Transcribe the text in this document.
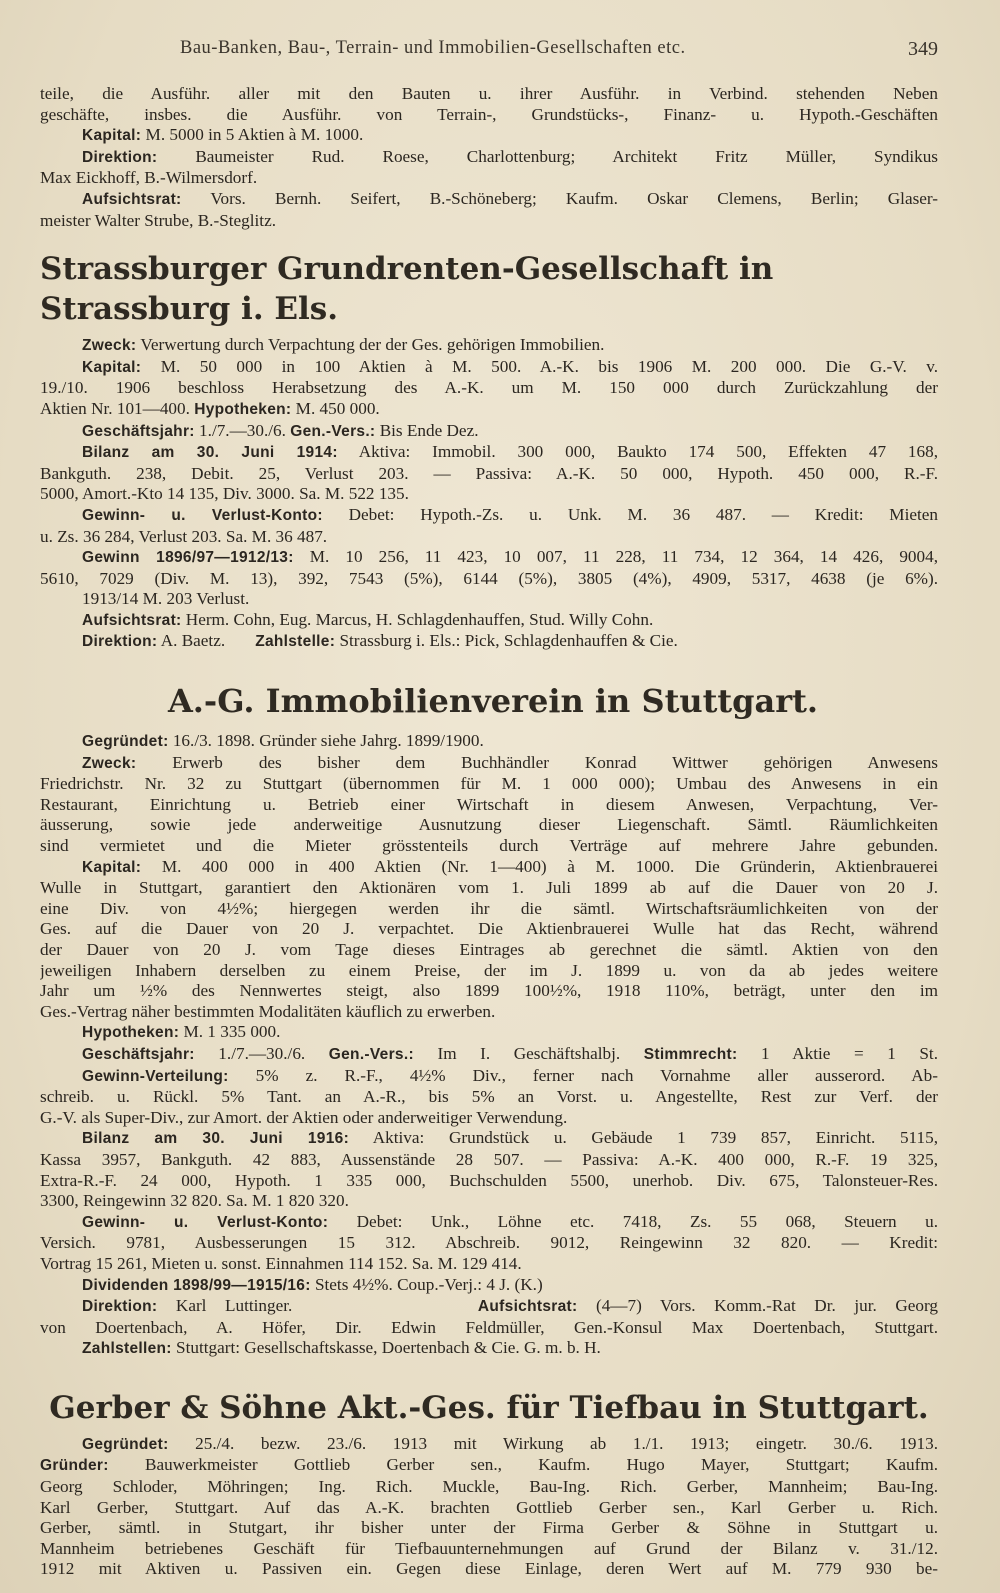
Bau-Banken, Bau-, Terrain- und Immobilien-Gesellschaften etc.	349

teile, die Ausführ. aller mit den Bauten u. ihrer Ausführ. in Verbind. stehenden Neben

geschäfte, insbes. die Ausführ. von Terrain-, Grundstücks-, Finanz- u. Hypoth.-Geschäften

Kapital: M. 5000 in 5 Aktien à M. 1000.

Direktion: Baumeister Rud. Roese, Charlottenburg; Architekt Fritz Müller, Syndikus

Max Eickhoff, B.-Wilmersdorf.

Aufsichtsrat: Vors. Bernh. Seifert, B.-Schöneberg; Kaufm. Oskar Clemens, Berlin; Glaser-

meister Walter Strube, B.-Steglitz.

Strassburger Grundrenten-Gesellschaft in Strassburg i. Els.

Zweck: Verwertung durch Verpachtung der der Ges. gehörigen Immobilien.

Kapital: M. 50 000 in 100 Aktien à M. 500. A.-K. bis 1906 M. 200 000. Die G.-V. v.

19./10. 1906 beschloss Herabsetzung des A.-K. um M. 150 000 durch Zurückzahlung der

Aktien Nr. 101—400. Hypotheken: M. 450 000.

Geschäftsjahr: 1./7.—30./6. Gen.-Vers.: Bis Ende Dez.

Bilanz am 30. Juni 1914: Aktiva: Immobil. 300 000, Baukto 174 500, Effekten 47 168,

Bankguth. 238, Debit. 25, Verlust 203. — Passiva: A.-K. 50 000, Hypoth. 450 000, R.-F.

5000, Amort.-Kto 14 135, Div. 3000. Sa. M. 522 135.

Gewinn- u. Verlust-Konto: Debet: Hypoth.-Zs. u. Unk. M. 36 487. — Kredit: Mieten

u. Zs. 36 284, Verlust 203. Sa. M. 36 487.

Gewinn 1896/97—1912/13: M. 10 256, 11 423, 10 007, 11 228, 11 734, 12 364, 14 426, 9004,

5610, 7029 (Div. M. 13), 392, 7543 (5%), 6144 (5%), 3805 (4%), 4909, 5317, 4638 (je 6%).

1913/14 M. 203 Verlust.

Aufsichtsrat: Herm. Cohn, Eug. Marcus, H. Schlagdenhauffen, Stud. Willy Cohn.

Direktion: A. Baetz.       Zahlstelle: Strassburg i. Els.: Pick, Schlagdenhauffen & Cie.

A.-G. Immobilienverein in Stuttgart.

Gegründet: 16./3. 1898. Gründer siehe Jahrg. 1899/1900.

Zweck: Erwerb des bisher dem Buchhändler Konrad Wittwer gehörigen Anwesens

Friedrichstr. Nr. 32 zu Stuttgart (übernommen für M. 1 000 000); Umbau des Anwesens in ein

Restaurant, Einrichtung u. Betrieb einer Wirtschaft in diesem Anwesen, Verpachtung, Ver-

äusserung, sowie jede anderweitige Ausnutzung dieser Liegenschaft. Sämtl. Räumlichkeiten

sind vermietet und die Mieter grösstenteils durch Verträge auf mehrere Jahre gebunden.

Kapital: M. 400 000 in 400 Aktien (Nr. 1—400) à M. 1000. Die Gründerin, Aktienbrauerei

Wulle in Stuttgart, garantiert den Aktionären vom 1. Juli 1899 ab auf die Dauer von 20 J.

eine Div. von 4½%; hiergegen werden ihr die sämtl. Wirtschaftsräumlichkeiten von der

Ges. auf die Dauer von 20 J. verpachtet. Die Aktienbrauerei Wulle hat das Recht, während

der Dauer von 20 J. vom Tage dieses Eintrages ab gerechnet die sämtl. Aktien von den

jeweiligen Inhabern derselben zu einem Preise, der im J. 1899 u. von da ab jedes weitere

Jahr um ½% des Nennwertes steigt, also 1899 100½%, 1918 110%, beträgt, unter den im

Ges.-Vertrag näher bestimmten Modalitäten käuflich zu erwerben.

Hypotheken: M. 1 335 000.

Geschäftsjahr: 1./7.—30./6. Gen.-Vers.: Im I. Geschäftshalbj. Stimmrecht: 1 Aktie = 1 St.

Gewinn-Verteilung: 5% z. R.-F., 4½% Div., ferner nach Vornahme aller ausserord. Ab-

schreib. u. Rückl. 5% Tant. an A.-R., bis 5% an Vorst. u. Angestellte, Rest zur Verf. der

G.-V. als Super-Div., zur Amort. der Aktien oder anderweitiger Verwendung.

Bilanz am 30. Juni 1916: Aktiva: Grundstück u. Gebäude 1 739 857, Einricht. 5115,

Kassa 3957, Bankguth. 42 883, Aussenstände 28 507. — Passiva: A.-K. 400 000, R.-F. 19 325,

Extra-R.-F. 24 000, Hypoth. 1 335 000, Buchschulden 5500, unerhob. Div. 675, Talonsteuer-Res.

3300, Reingewinn 32 820. Sa. M. 1 820 320.

Gewinn- u. Verlust-Konto: Debet: Unk., Löhne etc. 7418, Zs. 55 068, Steuern u.

Versich. 9781, Ausbesserungen 15 312. Abschreib. 9012, Reingewinn 32 820. — Kredit:

Vortrag 15 261, Mieten u. sonst. Einnahmen 114 152. Sa. M. 129 414.

Dividenden 1898/99—1915/16: Stets 4½%. Coup.-Verj.: 4 J. (K.)

Direktion: Karl Luttinger.	Aufsichtsrat: (4—7) Vors. Komm.-Rat Dr. jur. Georg

von Doertenbach, A. Höfer, Dir. Edwin Feldmüller, Gen.-Konsul Max Doertenbach, Stuttgart.

Zahlstellen: Stuttgart: Gesellschaftskasse, Doertenbach & Cie. G. m. b. H.

Gerber & Söhne Akt.-Ges. für Tiefbau in Stuttgart.

Gegründet: 25./4. bezw. 23./6. 1913 mit Wirkung ab 1./1. 1913; eingetr. 30./6. 1913.

Gründer: Bauwerkmeister Gottlieb Gerber sen., Kaufm. Hugo Mayer, Stuttgart; Kaufm.

Georg Schloder, Möhringen; Ing. Rich. Muckle, Bau-Ing. Rich. Gerber, Mannheim; Bau-Ing.

Karl Gerber, Stuttgart. Auf das A.-K. brachten Gottlieb Gerber sen., Karl Gerber u. Rich.

Gerber, sämtl. in Stutgart, ihr bisher unter der Firma Gerber & Söhne in Stuttgart u.

Mannheim betriebenes Geschäft für Tiefbauunternehmungen auf Grund der Bilanz v. 31./12.

1912 mit Aktiven u. Passiven ein. Gegen diese Einlage, deren Wert auf M. 779 930 be-
